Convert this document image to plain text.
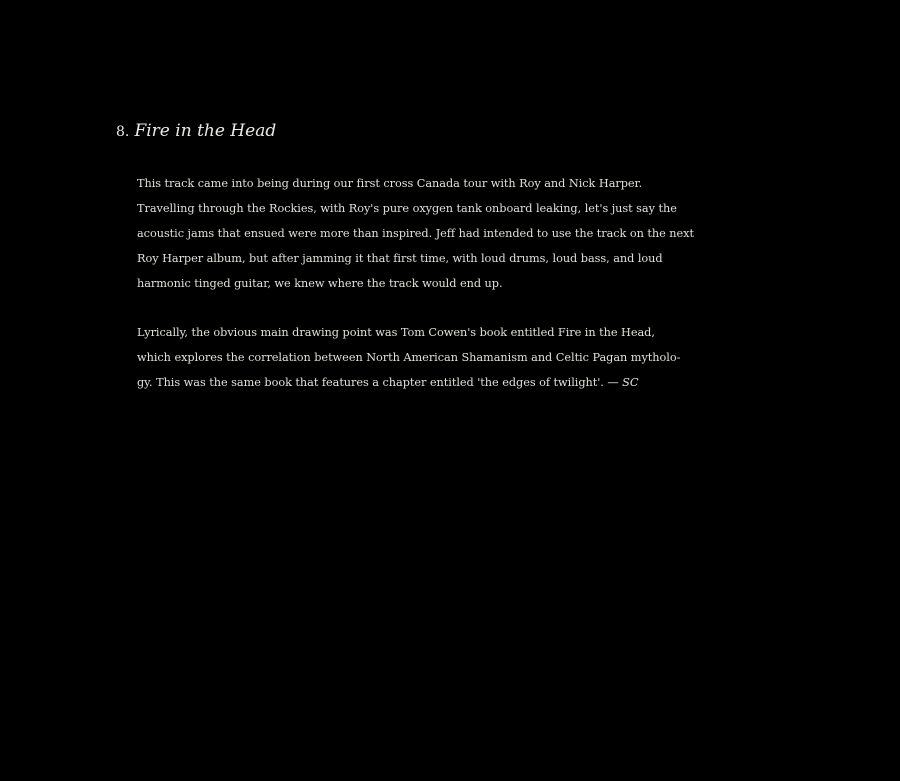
8. Fire in the Head

This track came into being during our first cross Canada tour with Roy and Nick Harper.
Travelling through the Rockies, with Roy's pure oxygen tank onboard leaking, let's just say the
acoustic jams that ensued were more than inspired. Jeff had intended to use the track on the next
Roy Harper album, but after jamming it that first time, with loud drums, loud bass, and loud
harmonic tinged guitar, we knew where the track would end up.

Lyrically, the obvious main drawing point was Tom Cowen's book entitled Fire in the Head,
which explores the correlation between North American Shamanism and Celtic Pagan mytholo-
gy. This was the same book that features a chapter entitled 'the edges of twilight'. — SC
